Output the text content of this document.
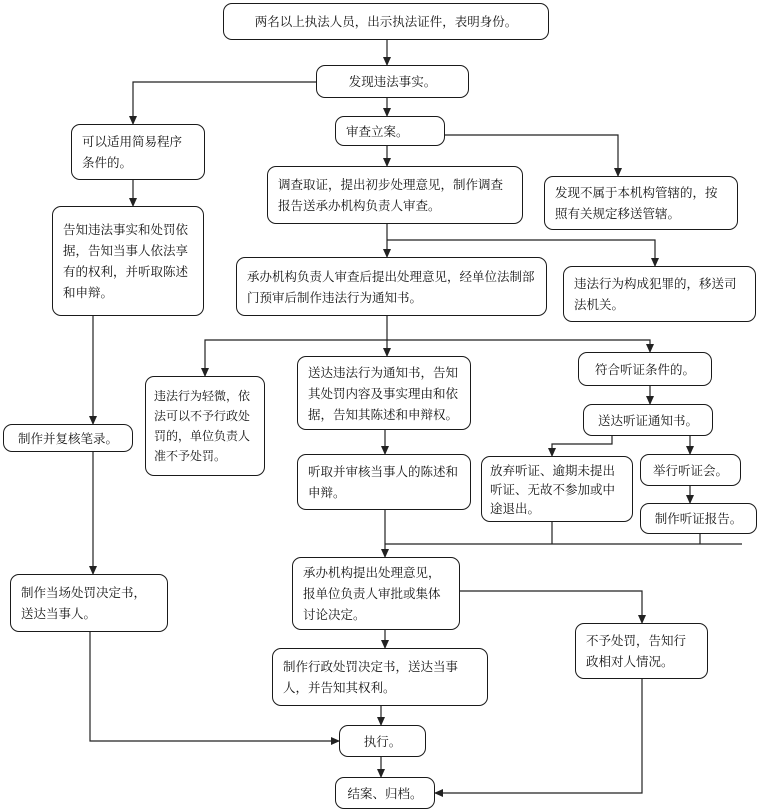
两名以上执法人员，出示执法证件，表明身份。
发现违法事实。
可以适用简易程序条件的。
审查立案。
调查取证，提出初步处理意见，制作调查报告送承办机构负责人审查。
发现不属于本机构管辖的，按照有关规定移送管辖。
告知违法事实和处罚依据，告知当事人依法享有的权利，并听取陈述和申辩。
承办机构负责人审查后提出处理意见，经单位法制部门预审后制作违法行为通知书。
违法行为构成犯罪的，移送司法机关。
违法行为轻微，依法可以不予行政处罚的，单位负责人准不予处罚。
送达违法行为通知书，告知其处罚内容及事实理由和依据，告知其陈述和申辩权。
符合听证条件的。
送达听证通知书。
制作并复核笔录。
听取并审核当事人的陈述和申辩。
放弃听证、逾期未提出听证、无故不参加或中途退出。
举行听证会。
制作听证报告。
制作当场处罚决定书，送达当事人。
承办机构提出处理意见，报单位负责人审批或集体讨论决定。
不予处罚，告知行政相对人情况。
制作行政处罚决定书，送达当事人，并告知其权利。
执行。
结案、归档。
